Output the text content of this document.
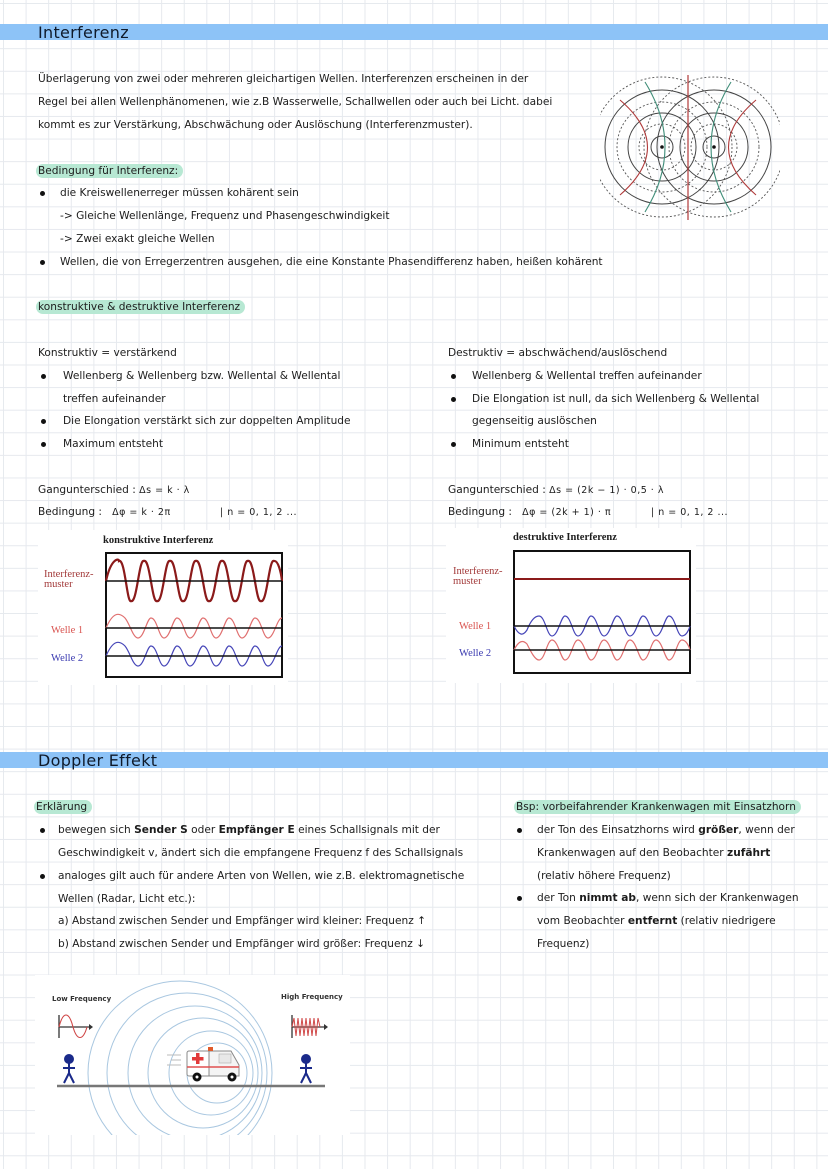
Interferenz
Überlagerung von zwei oder mehreren gleichartigen Wellen. Interferenzen erscheinen in der
Regel bei allen Wellenphänomenen, wie z.B Wasserwelle, Schallwellen oder auch bei Licht. dabei
kommt es zur Verstärkung, Abschwächung oder Auslöschung (Interferenzmuster).
Bedingung für Interferenz:
die Kreiswellenerreger müssen kohärent sein
-> Gleiche Wellenlänge, Frequenz und Phasengeschwindigkeit
-> Zwei exakt gleiche Wellen
Wellen, die von Erregerzentren ausgehen, die eine Konstante Phasendifferenz haben, heißen kohärent
konstruktive & destruktive Interferenz
Konstruktiv = verstärkend
Wellenberg & Wellenberg bzw. Wellental & Wellental
treffen aufeinander
Die Elongation verstärkt sich zur doppelten Amplitude
Maximum entsteht
Gangunterschied : Δs = k · λ
Bedingung :   Δφ = k · 2π	| n = 0, 1, 2 ...
Destruktiv = abschwächend/auslöschend
Wellenberg & Wellental treffen aufeinander
Die Elongation ist null, da sich Wellenberg & Wellental
gegenseitig auslöschen
Minimum entsteht
Gangunterschied : Δs = (2k − 1) · 0,5 · λ
Bedingung :   Δφ = (2k + 1) · π	| n = 0, 1, 2 ...
konstruktive Interferenz
Interferenz-
muster
Welle 1
Welle 2
destruktive Interferenz
Interferenz-
muster
Welle 1
Welle 2
Doppler Effekt
Erklärung
bewegen sich Sender S oder Empfänger E eines Schallsignals mit der
Geschwindigkeit v, ändert sich die empfangene Frequenz f des Schallsignals
analoges gilt auch für andere Arten von Wellen, wie z.B. elektromagnetische
Wellen (Radar, Licht etc.):
a) Abstand zwischen Sender und Empfänger wird kleiner: Frequenz ↑
b) Abstand zwischen Sender und Empfänger wird größer: Frequenz ↓
Bsp: vorbeifahrender Krankenwagen mit Einsatzhorn
der Ton des Einsatzhorns wird größer, wenn der
Krankenwagen auf den Beobachter zufährt
(relativ höhere Frequenz)
der Ton nimmt ab, wenn sich der Krankenwagen
vom Beobachter entfernt (relativ niedrigere
Frequenz)
Low Frequency	High Frequency
